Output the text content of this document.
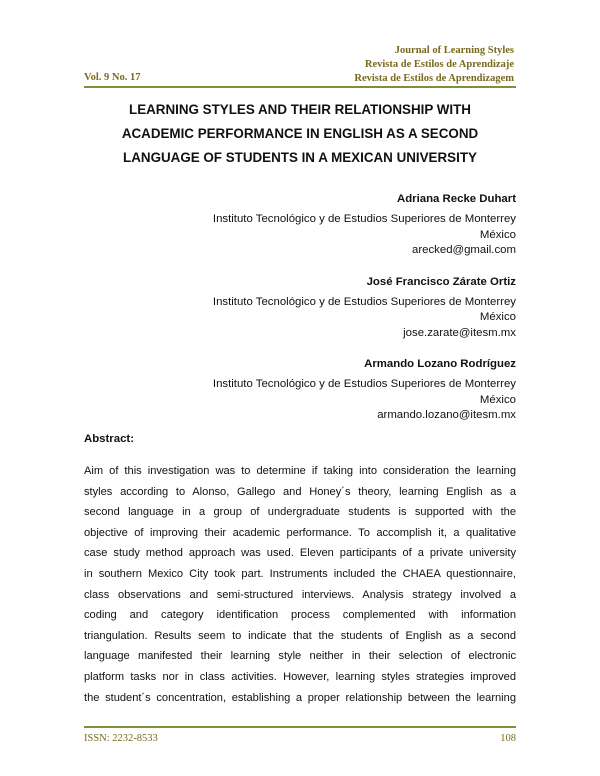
Journal of Learning Styles
Revista de Estilos de Aprendizaje
Revista de Estilos de Aprendizagem
Vol. 9 No. 17
LEARNING STYLES AND THEIR RELATIONSHIP WITH
ACADEMIC PERFORMANCE IN ENGLISH AS A SECOND
LANGUAGE OF STUDENTS IN A MEXICAN UNIVERSITY
Adriana Recke Duhart
Instituto Tecnológico y de Estudios Superiores de Monterrey
México
arecked@gmail.com
José Francisco Zárate Ortiz
Instituto Tecnológico y de Estudios Superiores de Monterrey
México
jose.zarate@itesm.mx
Armando Lozano Rodríguez
Instituto Tecnológico y de Estudios Superiores de Monterrey
México
armando.lozano@itesm.mx
Abstract:
Aim of this investigation was to determine if taking into consideration the learning
styles according to Alonso, Gallego and Honey´s theory, learning English as a
second language in a group of undergraduate students is supported with the
objective of improving their academic performance. To accomplish it, a qualitative
case study method approach was used. Eleven participants of a private university
in southern Mexico City took part. Instruments included the CHAEA questionnaire,
class observations and semi-structured interviews. Analysis strategy involved a
coding and category identification process complemented with information
triangulation. Results seem to indicate that the students of English as a second
language manifested their learning style neither in their selection of electronic
platform tasks nor in class activities. However, learning styles strategies improved
the student´s concentration, establishing a proper relationship between the learning
ISSN: 2232-8533	108
